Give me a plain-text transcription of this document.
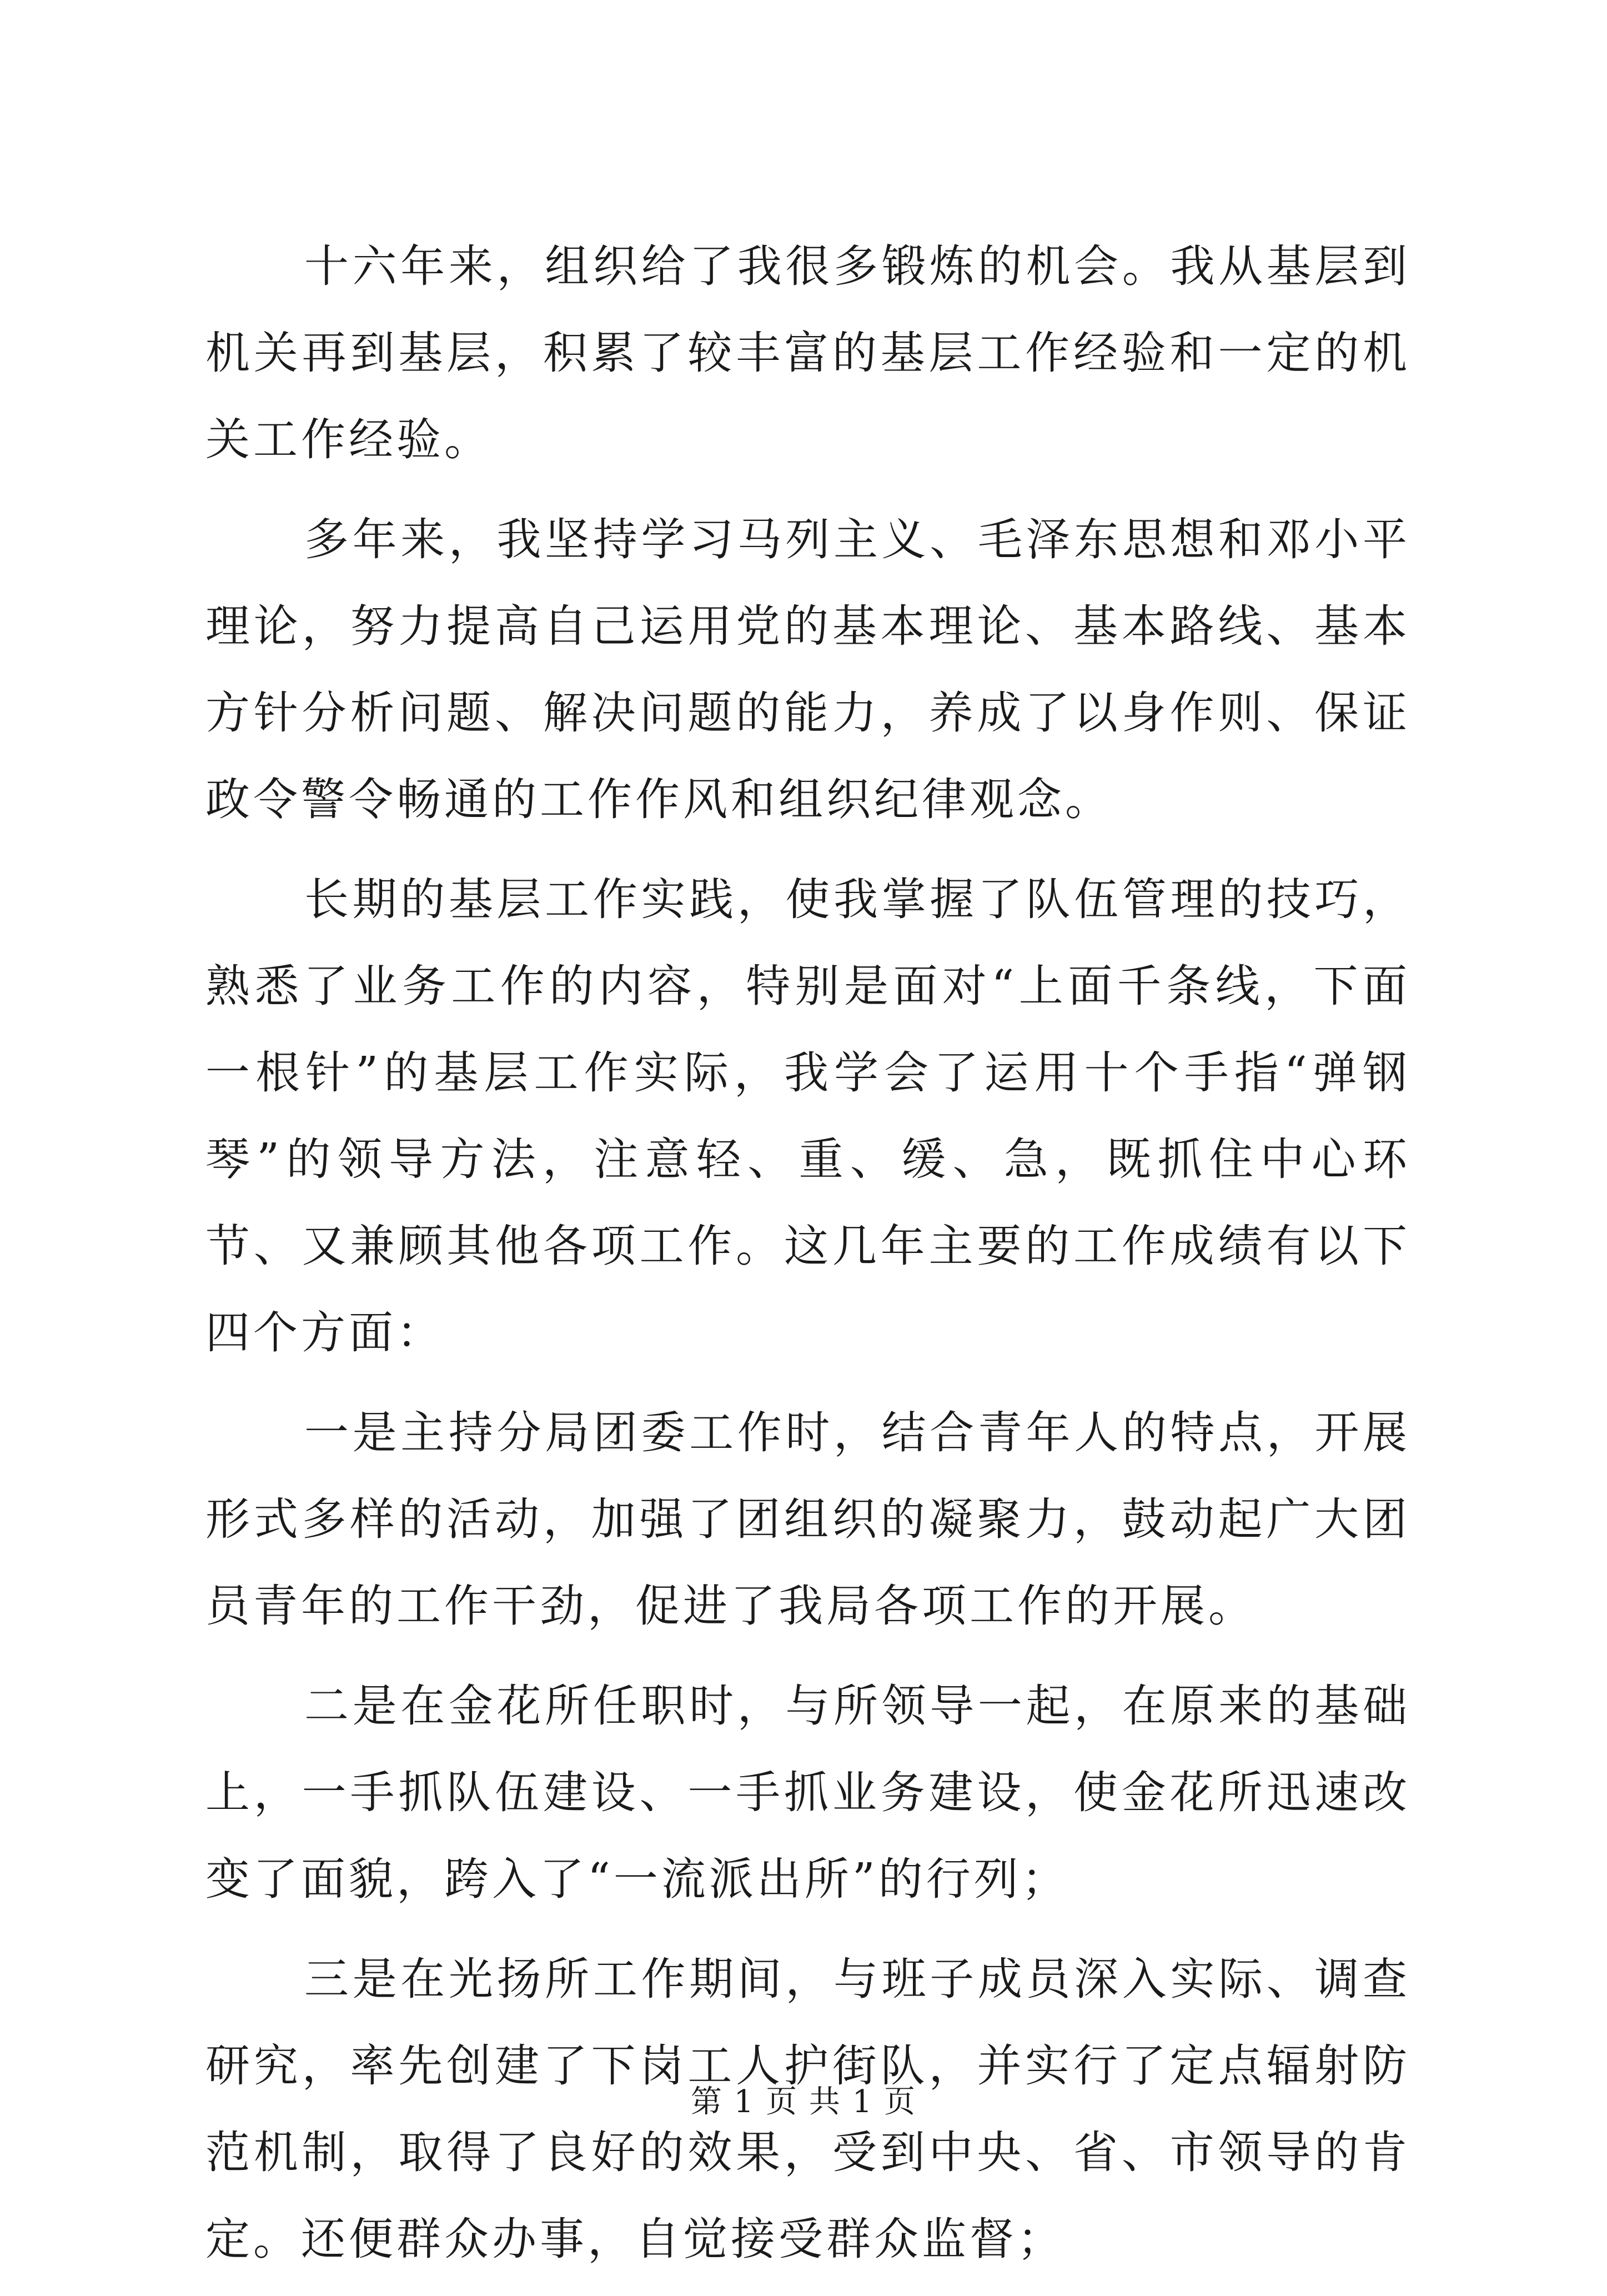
十六年来，组织给了我很多锻炼的机会。我从基层到机关再到基层，积累了较丰富的基层工作经验和一定的机关工作经验。

多年来，我坚持学习马列主义、毛泽东思想和邓小平理论，努力提高自己运用党的基本理论、基本路线、基本方针分析问题、解决问题的能力，养成了以身作则、保证政令警令畅通的工作作风和组织纪律观念。

长期的基层工作实践，使我掌握了队伍管理的技巧，熟悉了业务工作的内容，特别是面对“上面千条线，下面一根针”的基层工作实际，我学会了运用十个手指“弹钢琴”的领导方法，注意轻、重、缓、急，既抓住中心环节、又兼顾其他各项工作。这几年主要的工作成绩有以下四个方面：

一是主持分局团委工作时，结合青年人的特点，开展形式多样的活动，加强了团组织的凝聚力，鼓动起广大团员青年的工作干劲，促进了我局各项工作的开展。

二是在金花所任职时，与所领导一起，在原来的基础上，一手抓队伍建设、一手抓业务建设，使金花所迅速改变了面貌，跨入了“一流派出所”的行列；

三是在光扬所工作期间，与班子成员深入实际、调查研究，率先创建了下岗工人护街队，并实行了定点辐射防范机制，取得了良好的效果，受到中央、省、市领导的肯定。还便群众办事，自觉接受群众监督；

第 1 页 共 1 页
